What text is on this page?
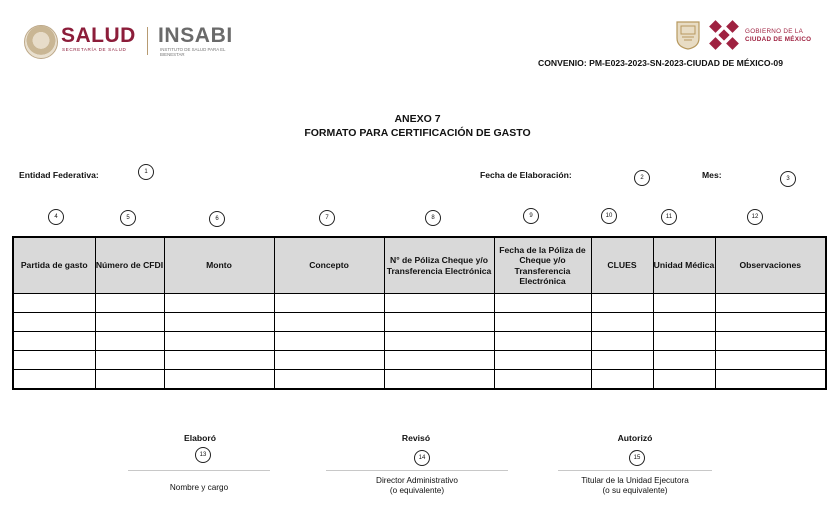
SALUD
SECRETARÍA DE SALUD
INSABI
INSTITUTO DE SALUD PARA EL BIENESTAR
GOBIERNO DE LA
CIUDAD DE MÉXICO
CONVENIO: PM-E023-2023-SN-2023-CIUDAD DE MÉXICO-09
ANEXO 7
FORMATO PARA CERTIFICACIÓN DE GASTO
Entidad Federativa:	1	Fecha de Elaboración:	2	Mes:	3
4	5	6	7	8	9	10	11	12
Partida de gasto	Número de CFDI	Monto	Concepto	N° de Póliza Cheque y/o Transferencia Electrónica	Fecha de la Póliza de Cheque y/o Transferencia Electrónica	CLUES	Unidad Médica	Observaciones

Elaboró
13
Nombre y cargo
Revisó
14
Director Administrativo
(o equivalente)
Autorizó
15
Titular de la Unidad Ejecutora
(o su equivalente)
